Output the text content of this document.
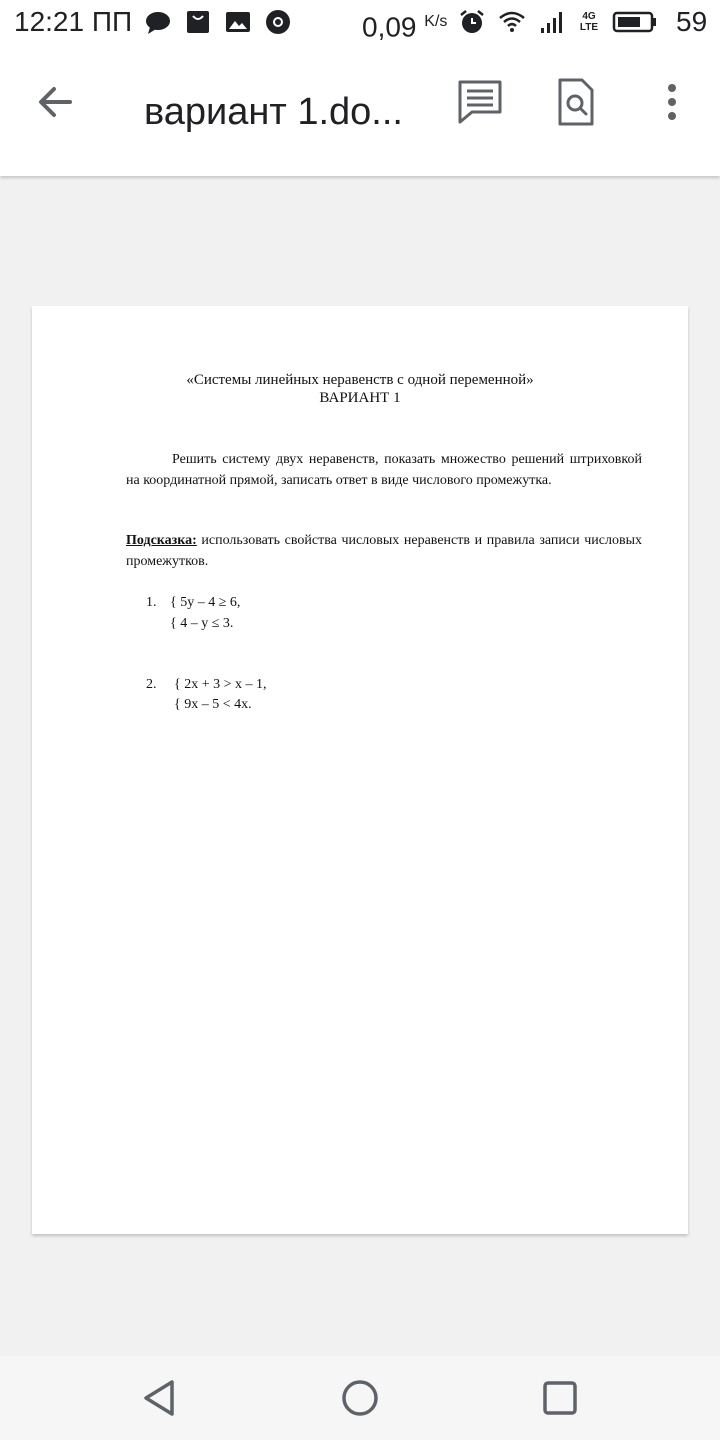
12:21 ПП	0,09 $^{K/s}$	4G
LTE	59
вариант 1.do...
«Системы линейных неравенств с одной переменной»
ВАРИАНТ 1

Решить систему двух неравенств, показать множество решений штриховкой на координатной прямой, записать ответ в виде числового промежутка.

Подсказка: использовать свойства числовых неравенств и правила записи числовых промежутков.

1. { 5y – 4 ≥ 6,
{ 4 – y ≤ 3.
2. { 2x + 3 > x – 1,
{ 9x – 5 < 4x.
